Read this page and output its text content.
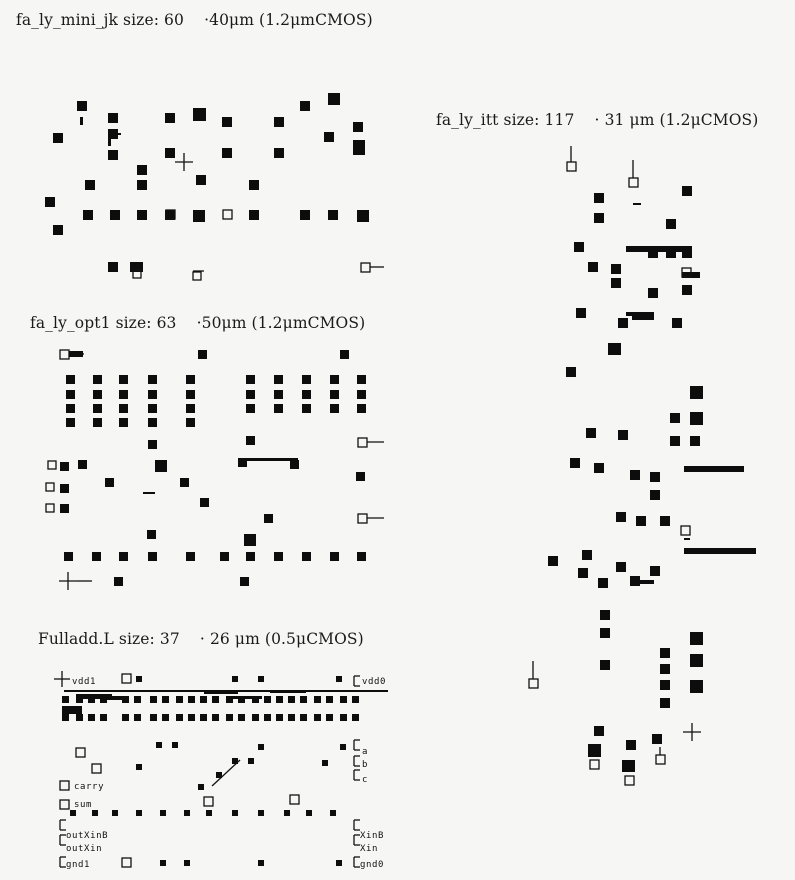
fa_ly_mini_jk size: 60    ·40μm (1.2μmCMOS)
fa_ly_itt size: 117    · 31 μm (1.2μCMOS)
fa_ly_opt1 size: 63    ·50μm (1.2μmCMOS)
Fulladd.L size: 37    · 26 μm (0.5μCMOS)
vdd1	vdd0
a
b
c
carry
sum
outXinB
outXin
XinB
Xin
gnd1	gnd0
